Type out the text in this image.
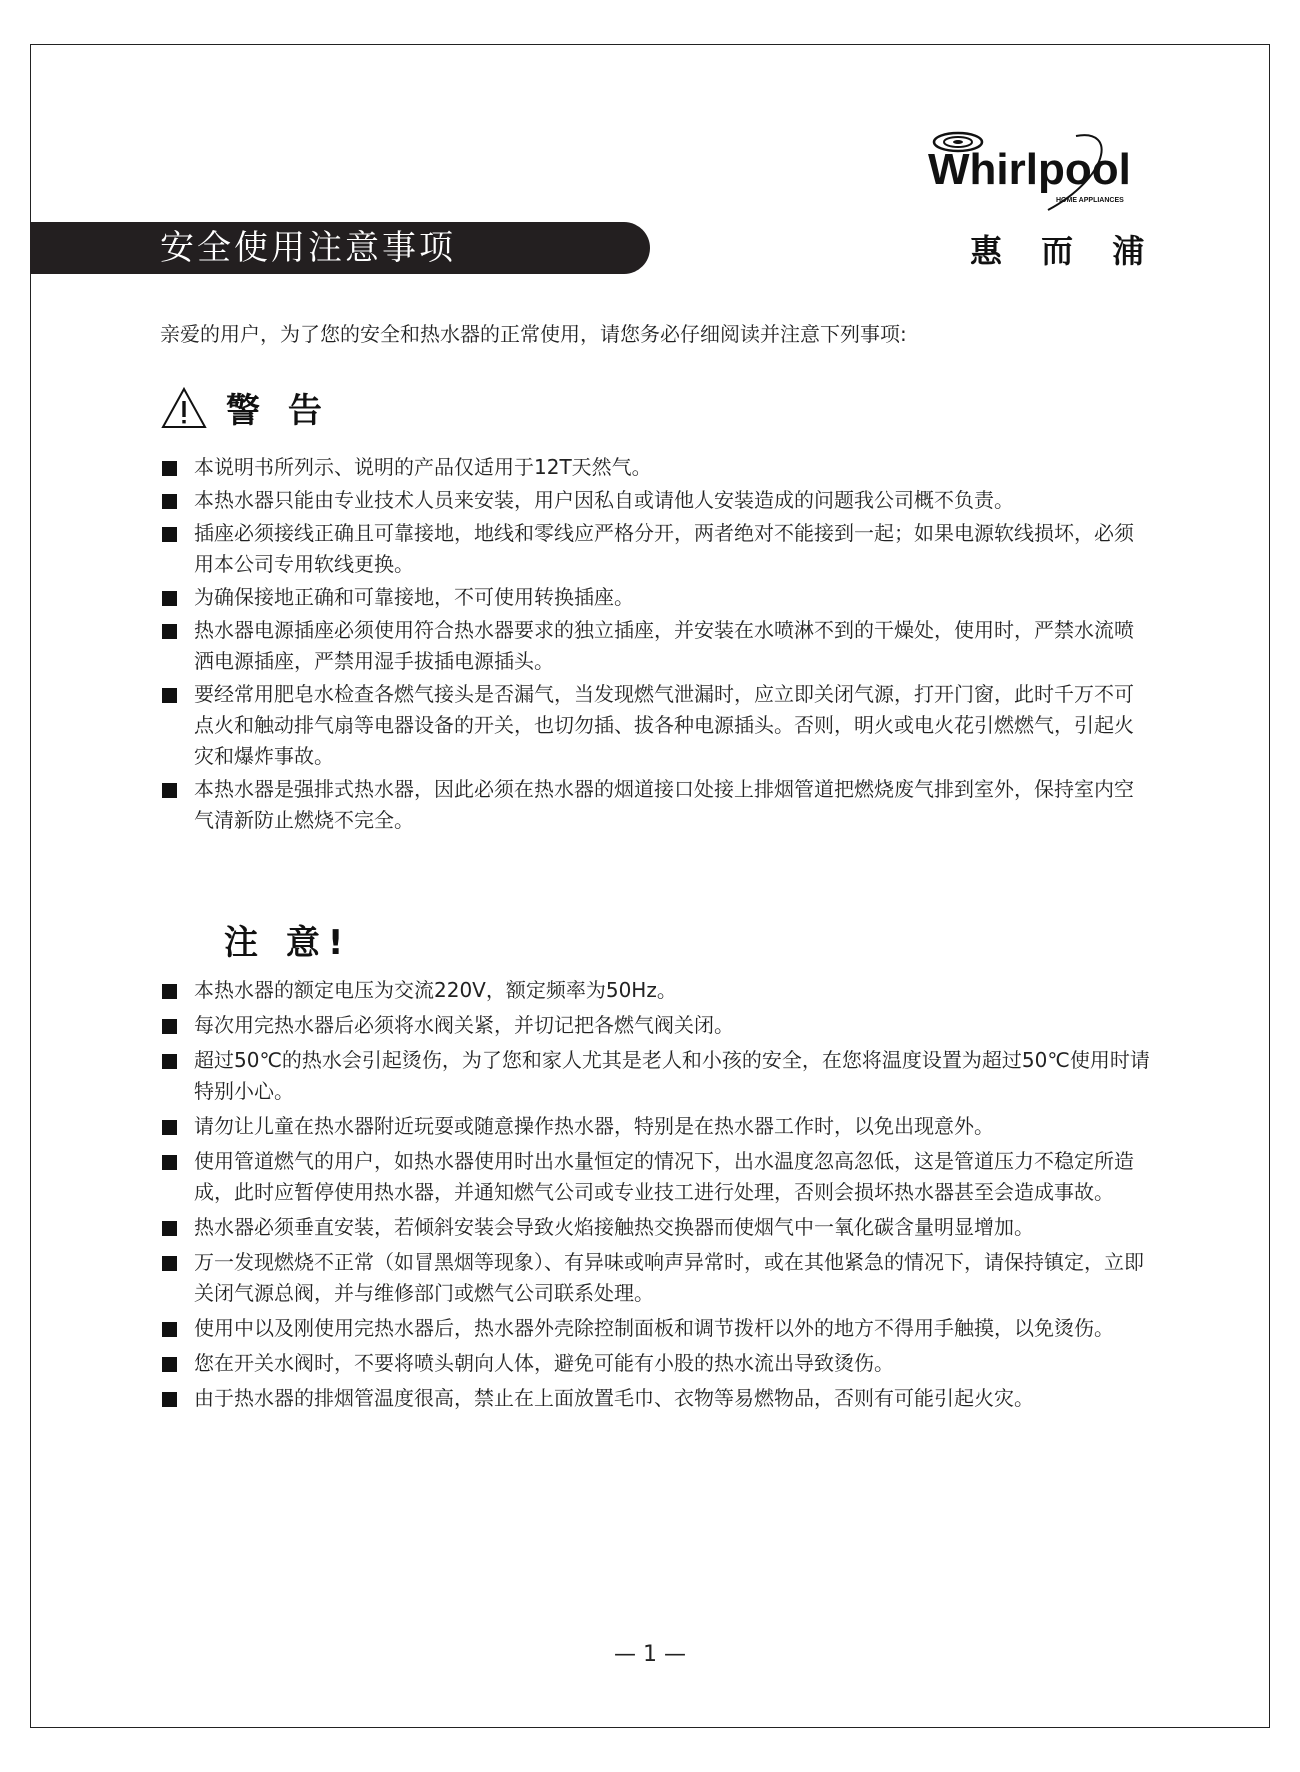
安全使用注意事项
Whirlpool
HOME APPLIANCES
惠 而 浦
亲爱的用户，为了您的安全和热水器的正常使用，请您务必仔细阅读并注意下列事项:
警 告
本说明书所列示、说明的产品仅适用于12T天然气。
本热水器只能由专业技术人员来安装，用户因私自或请他人安装造成的问题我公司概不负责。
插座必须接线正确且可靠接地，地线和零线应严格分开，两者绝对不能接到一起；如果电源软线损坏，必须用本公司专用软线更换。
为确保接地正确和可靠接地，不可使用转换插座。
热水器电源插座必须使用符合热水器要求的独立插座，并安装在水喷淋不到的干燥处，使用时，严禁水流喷洒电源插座，严禁用湿手拔插电源插头。
要经常用肥皂水检查各燃气接头是否漏气，当发现燃气泄漏时，应立即关闭气源，打开门窗，此时千万不可点火和触动排气扇等电器设备的开关，也切勿插、拔各种电源插头。否则，明火或电火花引燃燃气，引起火灾和爆炸事故。
本热水器是强排式热水器，因此必须在热水器的烟道接口处接上排烟管道把燃烧废气排到室外，保持室内空气清新防止燃烧不完全。
注 意!
本热水器的额定电压为交流220V，额定频率为50Hz。
每次用完热水器后必须将水阀关紧，并切记把各燃气阀关闭。
超过50℃的热水会引起烫伤，为了您和家人尤其是老人和小孩的安全，在您将温度设置为超过50℃使用时请特别小心。
请勿让儿童在热水器附近玩耍或随意操作热水器，特别是在热水器工作时，以免出现意外。
使用管道燃气的用户，如热水器使用时出水量恒定的情况下，出水温度忽高忽低，这是管道压力不稳定所造成，此时应暂停使用热水器，并通知燃气公司或专业技工进行处理，否则会损坏热水器甚至会造成事故。
热水器必须垂直安装，若倾斜安装会导致火焰接触热交换器而使烟气中一氧化碳含量明显增加。
万一发现燃烧不正常（如冒黑烟等现象）、有异味或响声异常时，或在其他紧急的情况下，请保持镇定，立即关闭气源总阀，并与维修部门或燃气公司联系处理。
使用中以及刚使用完热水器后，热水器外壳除控制面板和调节拨杆以外的地方不得用手触摸，以免烫伤。
您在开关水阀时，不要将喷头朝向人体，避免可能有小股的热水流出导致烫伤。
由于热水器的排烟管温度很高，禁止在上面放置毛巾、衣物等易燃物品，否则有可能引起火灾。
— 1 —
